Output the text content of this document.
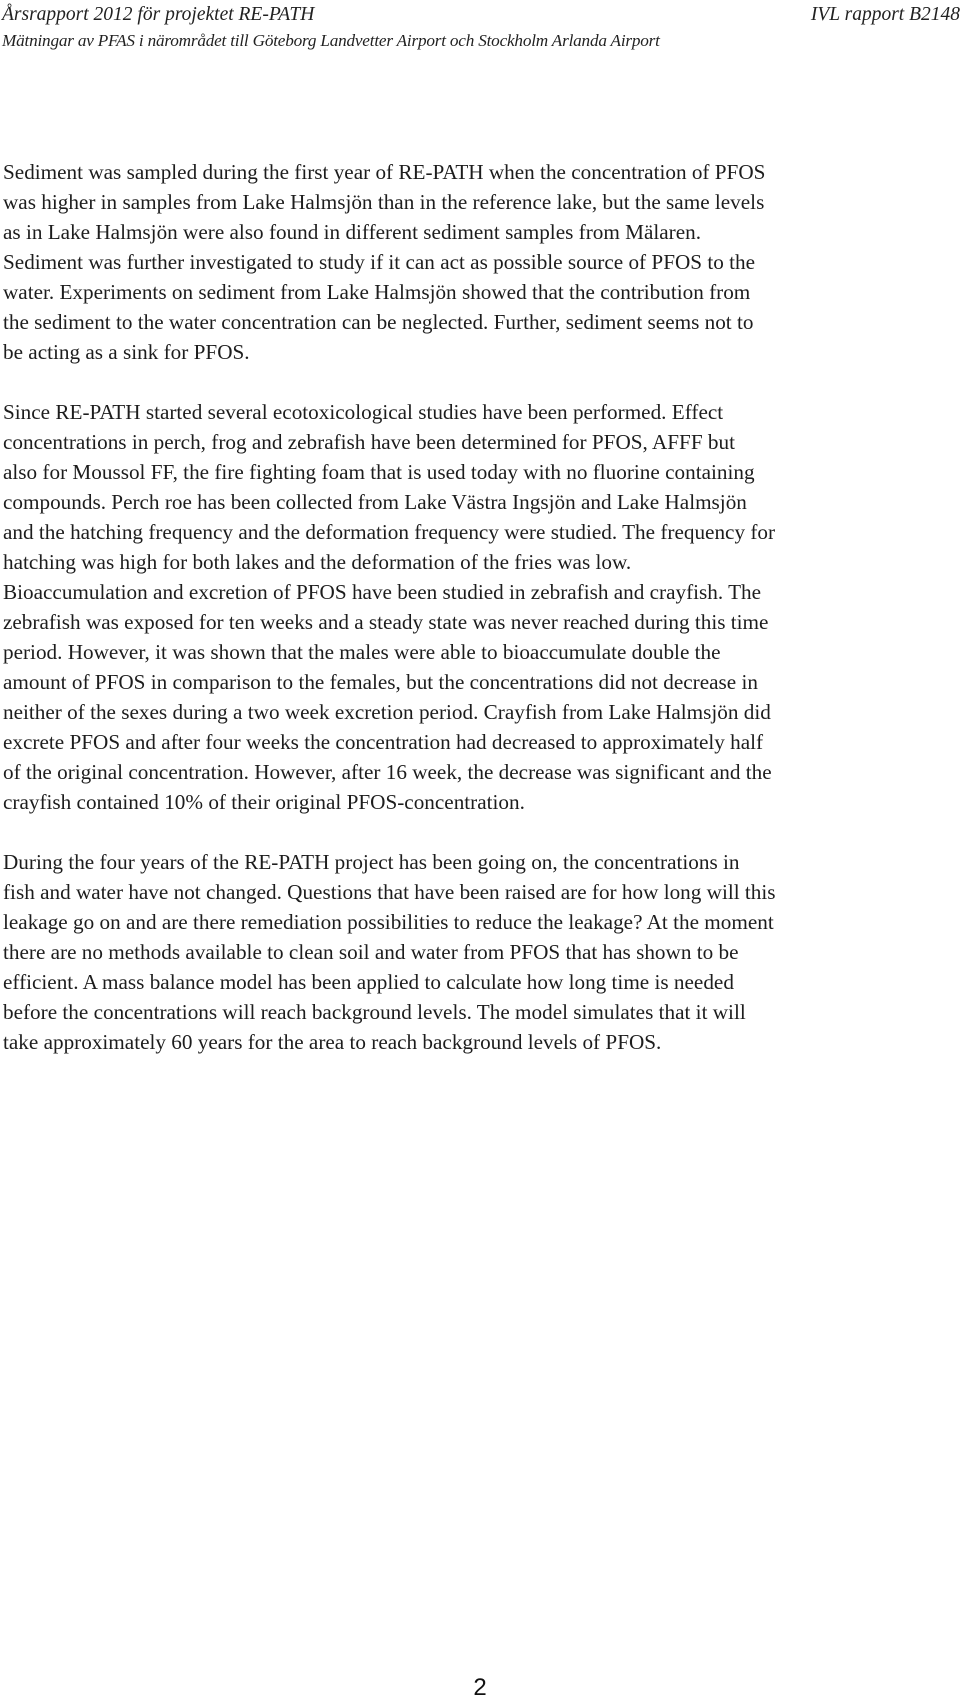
Årsrapport 2012 för projektet RE-PATH	IVL rapport B2148
Mätningar av PFAS i närområdet till Göteborg Landvetter Airport och Stockholm Arlanda Airport

Sediment was sampled during the first year of RE-PATH when the concentration of PFOS
was higher in samples from Lake Halmsjön than in the reference lake, but the same levels
as in Lake Halmsjön were also found in different sediment samples from Mälaren.
Sediment was further investigated to study if it can act as possible source of PFOS to the
water. Experiments on sediment from Lake Halmsjön showed that the contribution from
the sediment to the water concentration can be neglected. Further, sediment seems not to
be acting as a sink for PFOS.

Since RE-PATH started several ecotoxicological studies have been performed. Effect
concentrations in perch, frog and zebrafish have been determined for PFOS, AFFF but
also for Moussol FF, the fire fighting foam that is used today with no fluorine containing
compounds. Perch roe has been collected from Lake Västra Ingsjön and Lake Halmsjön
and the hatching frequency and the deformation frequency were studied. The frequency for
hatching was high for both lakes and the deformation of the fries was low.
Bioaccumulation and excretion of PFOS have been studied in zebrafish and crayfish. The
zebrafish was exposed for ten weeks and a steady state was never reached during this time
period. However, it was shown that the males were able to bioaccumulate double the
amount of PFOS in comparison to the females, but the concentrations did not decrease in
neither of the sexes during a two week excretion period. Crayfish from Lake Halmsjön did
excrete PFOS and after four weeks the concentration had decreased to approximately half
of the original concentration. However, after 16 week, the decrease was significant and the
crayfish contained 10% of their original PFOS-concentration.

During the four years of the RE-PATH project has been going on, the concentrations in
fish and water have not changed. Questions that have been raised are for how long will this
leakage go on and are there remediation possibilities to reduce the leakage? At the moment
there are no methods available to clean soil and water from PFOS that has shown to be
efficient. A mass balance model has been applied to calculate how long time is needed
before the concentrations will reach background levels. The model simulates that it will
take approximately 60 years for the area to reach background levels of PFOS.

2
